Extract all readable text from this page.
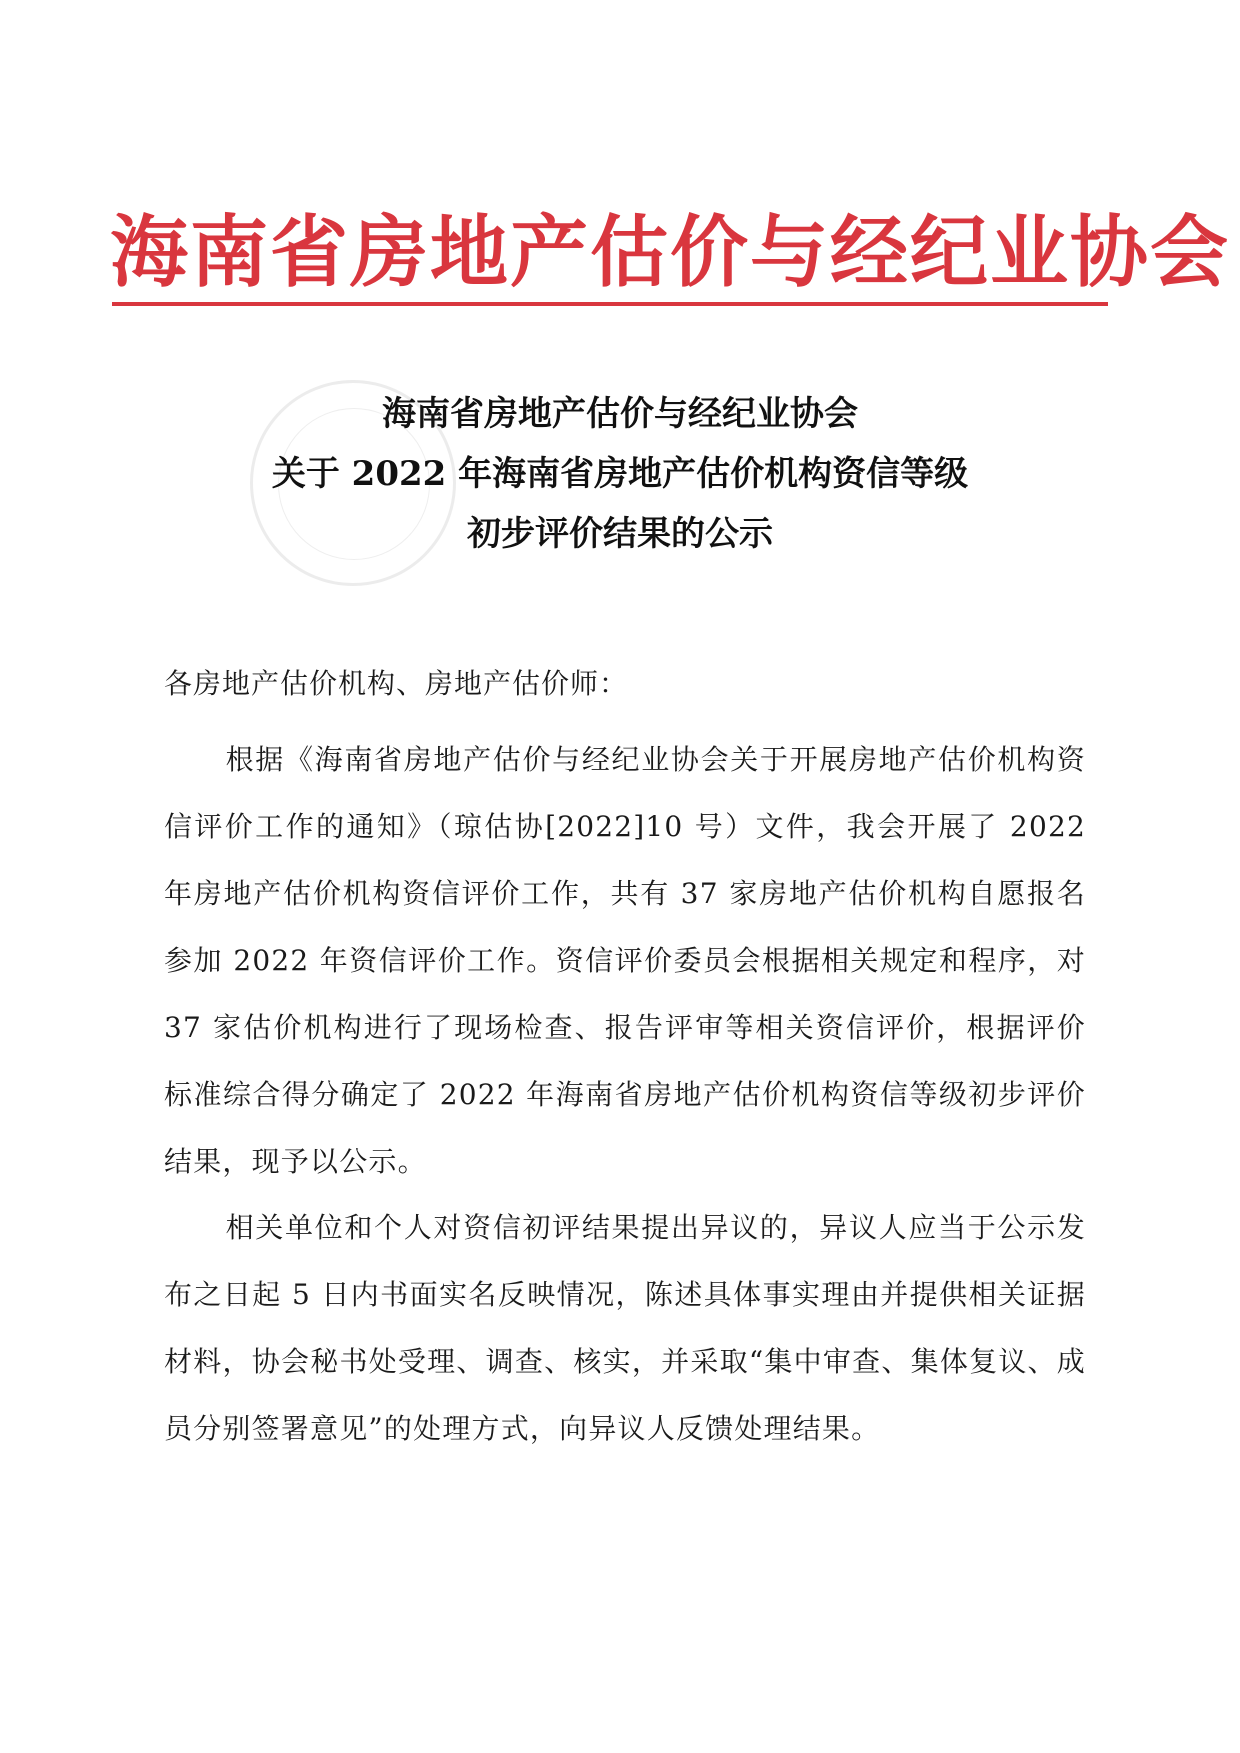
海南省房地产估价与经纪业协会
海南省房地产估价与经纪业协会
关于 2022 年海南省房地产估价机构资信等级
初步评价结果的公示
各房地产估价机构、房地产估价师：
根据《海南省房地产估价与经纪业协会关于开展房地产估价机构资信评价工作的通知》（琼估协[2022]10 号）文件，我会开展了 2022 年房地产估价机构资信评价工作，共有 37 家房地产估价机构自愿报名参加 2022 年资信评价工作。资信评价委员会根据相关规定和程序，对 37 家估价机构进行了现场检查、报告评审等相关资信评价，根据评价标准综合得分确定了 2022 年海南省房地产估价机构资信等级初步评价结果，现予以公示。
相关单位和个人对资信初评结果提出异议的，异议人应当于公示发布之日起 5 日内书面实名反映情况，陈述具体事实理由并提供相关证据材料，协会秘书处受理、调查、核实，并采取“集中审查、集体复议、成员分别签署意见”的处理方式，向异议人反馈处理结果。
